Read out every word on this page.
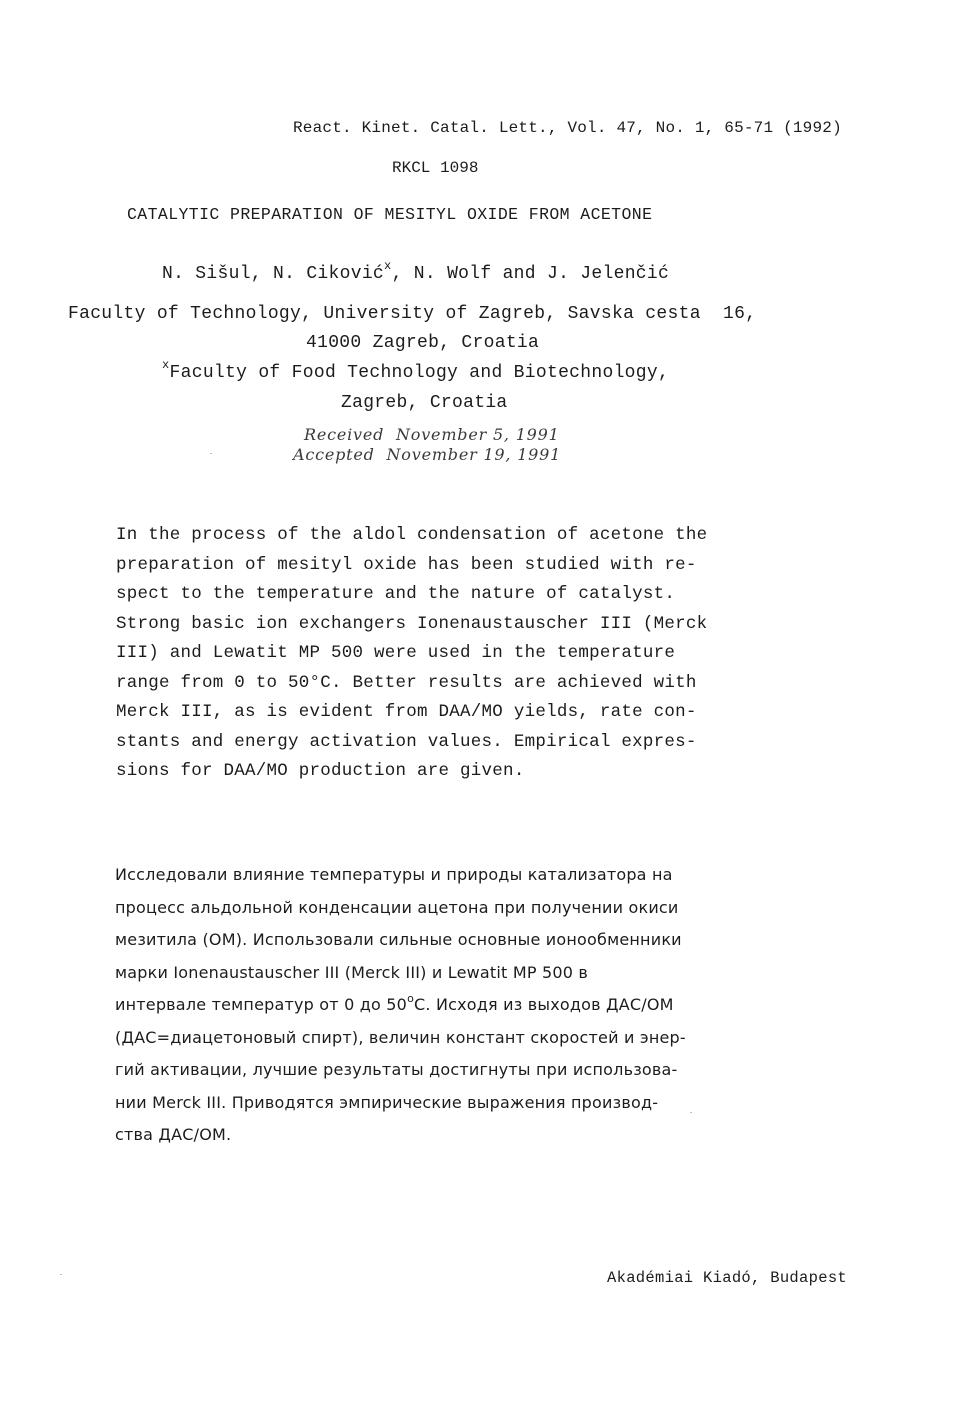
React. Kinet. Catal. Lett., Vol. 47, No. 1, 65-71 (1992)
RKCL 1098
CATALYTIC PREPARATION OF MESITYL OXIDE FROM ACETONE
N. Sišul, N. Ciković$^x$, N. Wolf and J. Jelenčić
Faculty of Technology, University of Zagreb, Savska cesta  16,
41000 Zagreb, Croatia
$^x$Faculty of Food Technology and Biotechnology,
Zagreb, Croatia
Received  November 5, 1991
Accepted  November 19, 1991
In the process of the aldol condensation of acetone the
preparation of mesityl oxide has been studied with re-
spect to the temperature and the nature of catalyst.
Strong basic ion exchangers Ionenaustauscher III (Merck
III) and Lewatit MP 500 were used in the temperature
range from 0 to 50°C. Better results are achieved with
Merck III, as is evident from DAA/MO yields, rate con-
stants and energy activation values. Empirical expres-
sions for DAA/MO production are given.
Исследовали влияние температуры и природы катализатора на
процесс альдольной конденсации ацетона при получении окиси
мезитила (ОМ). Использовали сильные основные ионообменники
марки Ionenaustauscher III (Merck III) и Lewatit MP 500 в
интервале температур от 0 до 50$^o$C. Исходя из выходов ДАС/ОМ
(ДАС=диацетоновый спирт), величин констант скоростей и энер-
гий активации, лучшие результаты достигнуты при использова-
нии Merck III. Приводятся эмпирические выражения производ-
ства ДАС/ОМ.
Akadémiai Kiadó, Budapest
